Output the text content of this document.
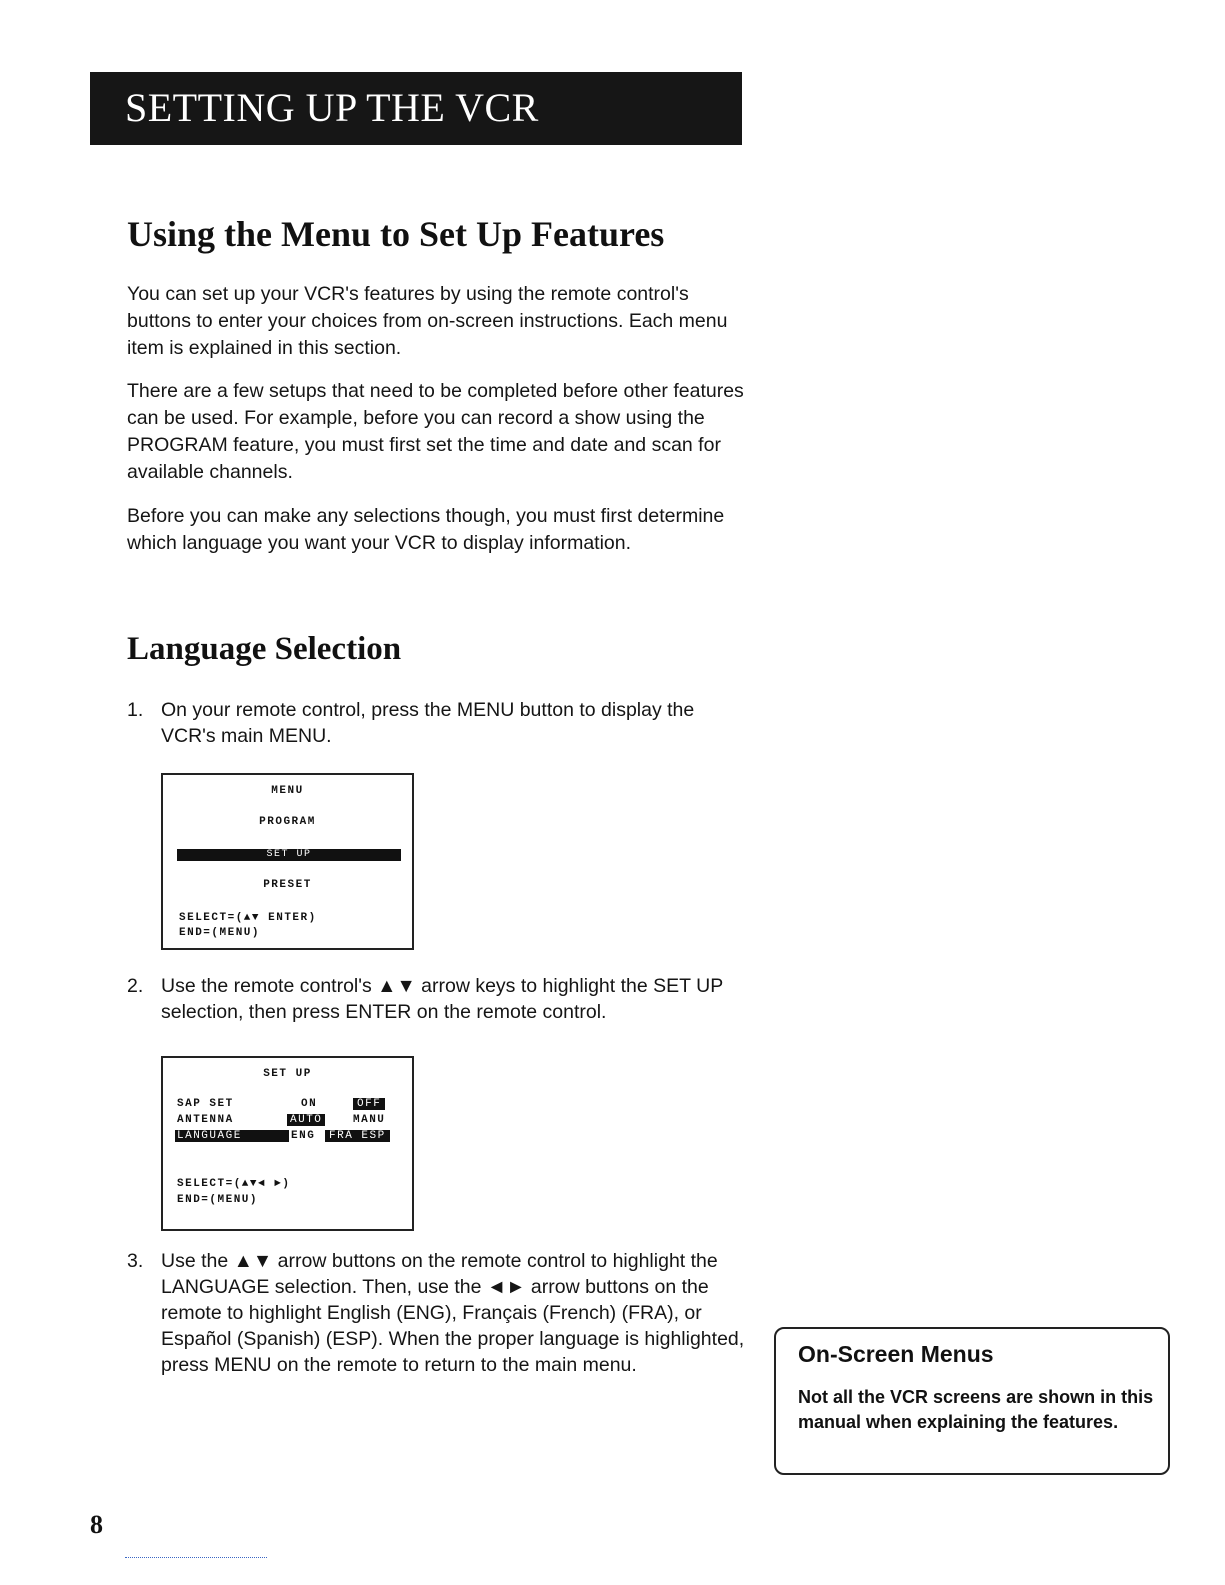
SETTING UP THE VCR
Using the Menu to Set Up Features

You can set up your VCR's features by using the remote control's buttons to enter your choices from on-screen instructions. Each menu item is explained in this section.

There are a few setups that need to be completed before other features can be used. For example, before you can record a show using the PROGRAM feature, you must first set the time and date and scan for available channels.

Before you can make any selections though, you must first determine which language you want your VCR to display information.

Language Selection
1. On your remote control, press the MENU button to display the VCR's main MENU.
MENU
PROGRAM
SET UP
PRESET
SELECT=(▲▼ ENTER)
END=(MENU)
2. Use the remote control's ▲▼ arrow keys to highlight the SET UP selection, then press ENTER on the remote control.
SET UP
SAP SET	ON	OFF
ANTENNA	AUTO	MANU
LANGUAGE	ENG	FRA ESP
SELECT=(▲▼◄ ►)
END=(MENU)
3. Use the ▲▼ arrow buttons on the remote control to highlight the LANGUAGE selection. Then, use the ◄► arrow buttons on the remote to highlight English (ENG), Français (French) (FRA), or Español (Spanish) (ESP). When the proper language is highlighted, press MENU on the remote to return to the main menu.	On-Screen Menus
Not all the VCR screens are shown in this manual when explaining the features.
8
